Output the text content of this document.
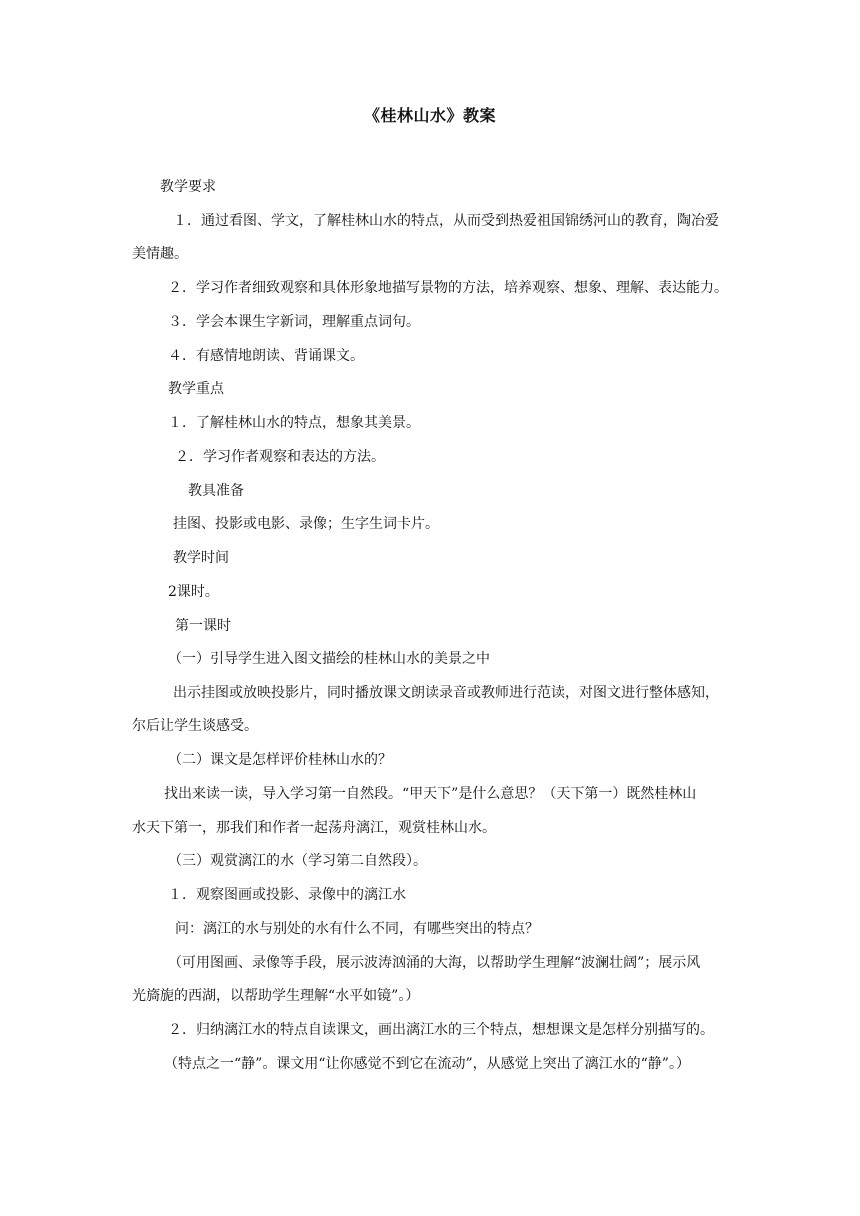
《桂林山水》教案
教学要求
１．通过看图、学文，了解桂林山水的特点，从而受到热爱祖国锦绣河山的教育，陶冶爱
美情趣。
２．学习作者细致观察和具体形象地描写景物的方法，培养观察、想象、理解、表达能力。
３．学会本课生字新词，理解重点词句。
４．有感情地朗读、背诵课文。
教学重点
１．了解桂林山水的特点，想象其美景。
２．学习作者观察和表达的方法。
教具准备
挂图、投影或电影、录像；生字生词卡片。
教学时间
2课时。
第一课时
（一）引导学生进入图文描绘的桂林山水的美景之中
出示挂图或放映投影片，同时播放课文朗读录音或教师进行范读，对图文进行整体感知，
尔后让学生谈感受。
（二）课文是怎样评价桂林山水的？
找出来读一读，导入学习第一自然段。“甲天下”是什么意思？（天下第一）既然桂林山
水天下第一，那我们和作者一起荡舟漓江，观赏桂林山水。
（三）观赏漓江的水（学习第二自然段）。
１．观察图画或投影、录像中的漓江水
问：漓江的水与别处的水有什么不同，有哪些突出的特点？
（可用图画、录像等手段，展示波涛汹涌的大海，以帮助学生理解“波澜壮阔”；展示风
光旖旎的西湖，以帮助学生理解“水平如镜”。）
２．归纳漓江水的特点自读课文，画出漓江水的三个特点，想想课文是怎样分别描写的。
（特点之一“静”。课文用“让你感觉不到它在流动”，从感觉上突出了漓江水的“静”。）
